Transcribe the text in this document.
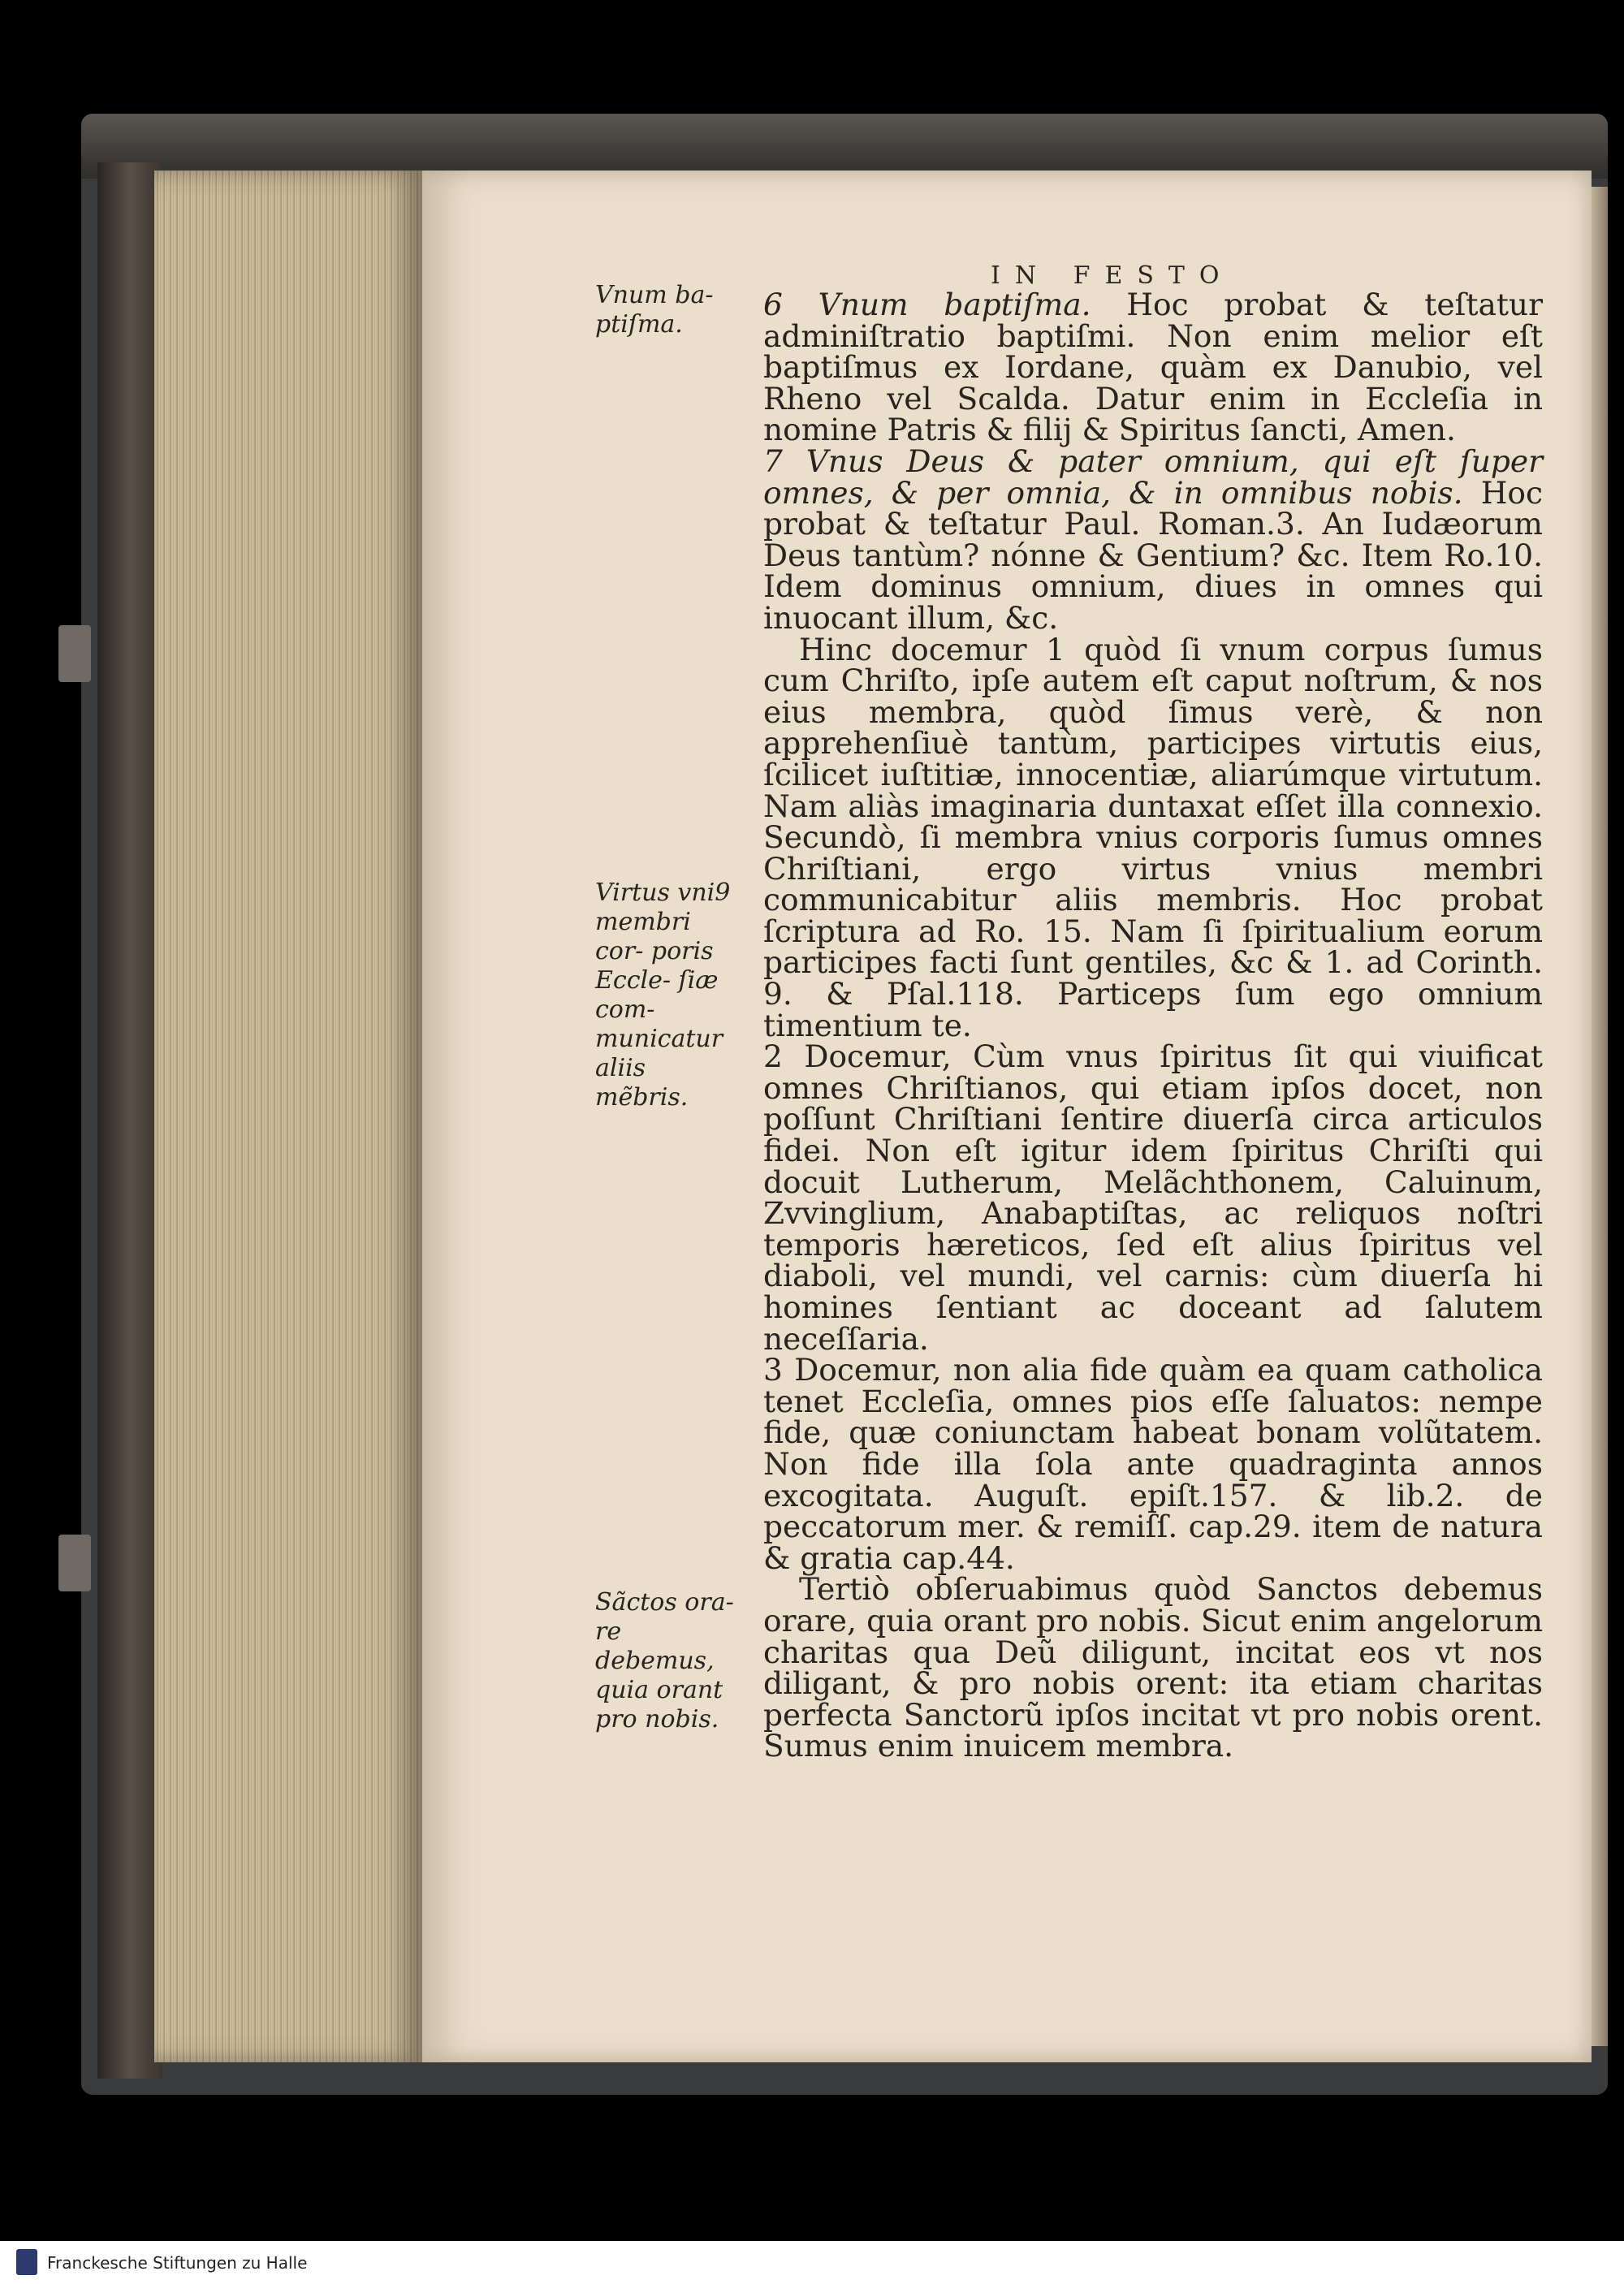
IN FESTO
Vnum ba- ptiſma.
Virtus vni9 membri cor- poris Eccle- ſiæ com- municatur aliis mẽbris.
Sãctos ora- re debemus, quia orant pro nobis.

6 Vnum baptiſma. Hoc probat & teſtatur adminiſtratio baptiſmi. Non enim melior eſt baptiſmus ex Iordane, quàm ex Danubio, vel Rheno vel Scalda. Datur enim in Eccleſia in nomine Patris & filij & Spiritus ſancti, Amen.

7 Vnus Deus & pater omnium, qui eſt ſuper omnes, & per omnia, & in omnibus nobis. Hoc probat & teſtatur Paul. Roman.3. An Iudæorum Deus tantùm? nónne & Gentium? &c. Item Ro.10. Idem dominus omnium, diues in omnes qui inuocant illum, &c.

Hinc docemur 1 quòd ſi vnum corpus ſumus cum Chriſto, ipſe autem eſt caput noſtrum, & nos eius membra, quòd ſimus verè, & non apprehenſiuè tantùm, participes virtutis eius, ſcilicet iuſtitiæ, innocentiæ, aliarúmque virtutum. Nam aliàs imaginaria duntaxat eſſet illa connexio. Secundò, ſi membra vnius corporis ſumus omnes Chriſtiani, ergo virtus vnius membri communicabitur aliis membris. Hoc probat ſcriptura ad Ro. 15. Nam ſi ſpiritualium eorum participes facti ſunt gentiles, &c & 1. ad Corinth. 9. & Pſal.118. Particeps ſum ego omnium timentium te.

2 Docemur, Cùm vnus ſpiritus ſit qui viuificat omnes Chriſtianos, qui etiam ipſos docet, non poſſunt Chriſtiani ſentire diuerſa circa articulos fidei. Non eſt igitur idem ſpiritus Chriſti qui docuit Lutherum, Melãchthonem, Caluinum, Zvvinglium, Anabaptiſtas, ac reliquos noſtri temporis hæreticos, ſed eſt alius ſpiritus vel diaboli, vel mundi, vel carnis: cùm diuerſa hi homines ſentiant ac doceant ad ſalutem neceſſaria.

3 Docemur, non alia fide quàm ea quam catholica tenet Eccleſia, omnes pios eſſe ſaluatos: nempe fide, quæ coniunctam habeat bonam volũtatem. Non fide illa ſola ante quadraginta annos excogitata. Auguſt. epiſt.157. & lib.2. de peccatorum mer. & remiſſ. cap.29. item de natura & gratia cap.44.

Tertiò obſeruabimus quòd Sanctos debemus orare, quia orant pro nobis. Sicut enim angelorum charitas qua Deũ diligunt, incitat eos vt nos diligant, & pro nobis orent: ita etiam charitas perfecta Sanctorũ ipſos incitat vt pro nobis orent. Sumus enim inuicem membra.

Franckesche Stiftungen zu Halle
